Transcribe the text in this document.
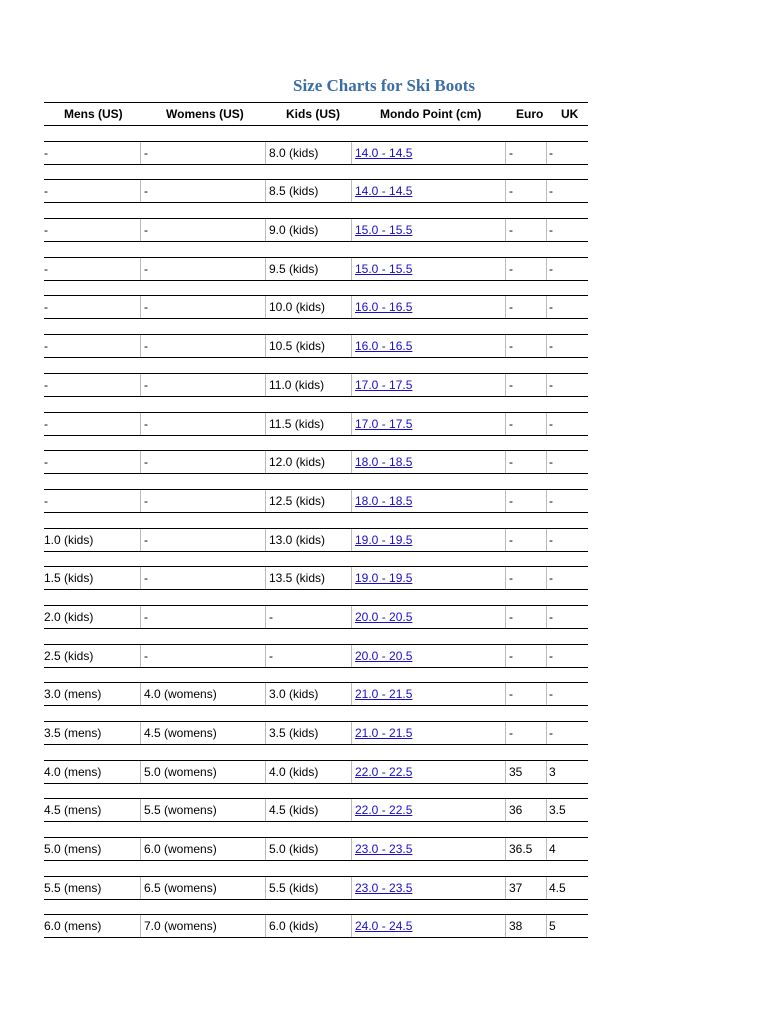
Size Charts for Ski Boots
Mens (US)	Womens (US)	Kids (US)	Mondo Point (cm)	Euro UK
-	-	8.0 (kids)	14.0 - 14.5	-	-
-	-	8.5 (kids)	14.0 - 14.5	-	-
-	-	9.0 (kids)	15.0 - 15.5	-	-
-	-	9.5 (kids)	15.0 - 15.5	-	-
-	-	10.0 (kids) 16.0 - 16.5	-	-
-	-	10.5 (kids) 16.0 - 16.5	-	-
-	-	11.0 (kids)	17.0 - 17.5	-	-
-	-	11.5 (kids)	17.0 - 17.5	-	-
-	-	12.0 (kids) 18.0 - 18.5	-	-
-	-	12.5 (kids) 18.0 - 18.5	-	-
1.0 (kids)	-	13.0 (kids) 19.0 - 19.5	-	-
1.5 (kids)	-	13.5 (kids) 19.0 - 19.5	-	-
2.0 (kids)	-	-	20.0 - 20.5	-	-
2.5 (kids)	-	-	20.0 - 20.5	-	-
3.0 (mens)	4.0 (womens)	3.0 (kids)	21.0 - 21.5	-	-
3.5 (mens)	4.5 (womens)	3.5 (kids)	21.0 - 21.5	-	-
4.0 (mens)	5.0 (womens)	4.0 (kids)	22.0 - 22.5	35 3
4.5 (mens)	5.5 (womens)	4.5 (kids)	22.0 - 22.5	36 3.5
5.0 (mens)	6.0 (womens)	5.0 (kids)	23.0 - 23.5	36.5 4
5.5 (mens)	6.5 (womens)	5.5 (kids)	23.0 - 23.5	37 4.5
6.0 (mens)	7.0 (womens)	6.0 (kids)	24.0 - 24.5	38 5
